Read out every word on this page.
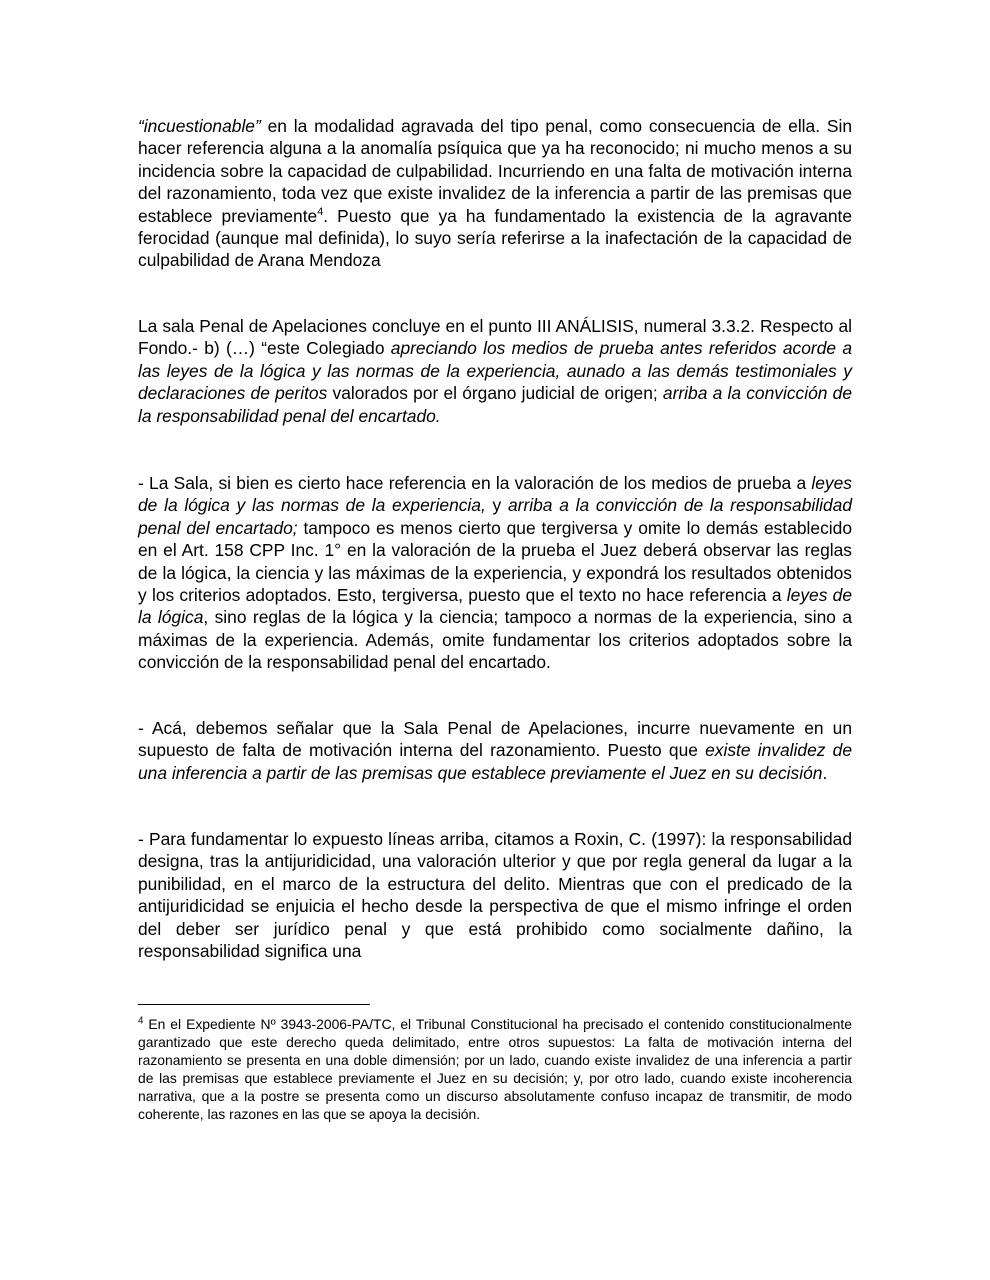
“incuestionable” en la modalidad agravada del tipo penal, como consecuencia de ella. Sin hacer referencia alguna a la anomalía psíquica que ya ha reconocido; ni mucho menos a su incidencia sobre la capacidad de culpabilidad. Incurriendo en una falta de motivación interna del razonamiento, toda vez que existe invalidez de la inferencia a partir de las premisas que establece previamente$^4$. Puesto que ya ha fundamentado la existencia de la agravante ferocidad (aunque mal definida), lo suyo sería referirse a la inafectación de la capacidad de culpabilidad de Arana Mendoza

La sala Penal de Apelaciones concluye en el punto III ANÁLISIS, numeral 3.3.2. Respecto al Fondo.- b) (…) “este Colegiado apreciando los medios de prueba antes referidos acorde a las leyes de la lógica y las normas de la experiencia, aunado a las demás testimoniales y declaraciones de peritos valorados por el órgano judicial de origen; arriba a la convicción de la responsabilidad penal del encartado.

- La Sala, si bien es cierto hace referencia en la valoración de los medios de prueba a leyes de la lógica y las normas de la experiencia, y arriba a la convicción de la responsabilidad penal del encartado; tampoco es menos cierto que tergiversa y omite lo demás establecido en el Art. 158 CPP Inc. 1° en la valoración de la prueba el Juez deberá observar las reglas de la lógica, la ciencia y las máximas de la experiencia, y expondrá los resultados obtenidos y los criterios adoptados. Esto, tergiversa, puesto que el texto no hace referencia a leyes de la lógica, sino reglas de la lógica y la ciencia; tampoco a normas de la experiencia, sino a máximas de la experiencia. Además, omite fundamentar los criterios adoptados sobre la convicción de la responsabilidad penal del encartado.

- Acá, debemos señalar que la Sala Penal de Apelaciones, incurre nuevamente en un supuesto de falta de motivación interna del razonamiento. Puesto que existe invalidez de una inferencia a partir de las premisas que establece previamente el Juez en su decisión.

- Para fundamentar lo expuesto líneas arriba, citamos a Roxin, C. (1997): la responsabilidad designa, tras la antijuridicidad, una valoración ulterior y que por regla general da lugar a la punibilidad, en el marco de la estructura del delito. Mientras que con el predicado de la antijuridicidad se enjuicia el hecho desde la perspectiva de que el mismo infringe el orden del deber ser jurídico penal y que está prohibido como socialmente dañino, la responsabilidad significa una

$^4$ En el Expediente Nº 3943-2006-PA/TC, el Tribunal Constitucional ha precisado el contenido constitucionalmente garantizado que este derecho queda delimitado, entre otros supuestos: La falta de motivación interna del razonamiento se presenta en una doble dimensión; por un lado, cuando existe invalidez de una inferencia a partir de las premisas que establece previamente el Juez en su decisión; y, por otro lado, cuando existe incoherencia narrativa, que a la postre se presenta como un discurso absolutamente confuso incapaz de transmitir, de modo coherente, las razones en las que se apoya la decisión.
